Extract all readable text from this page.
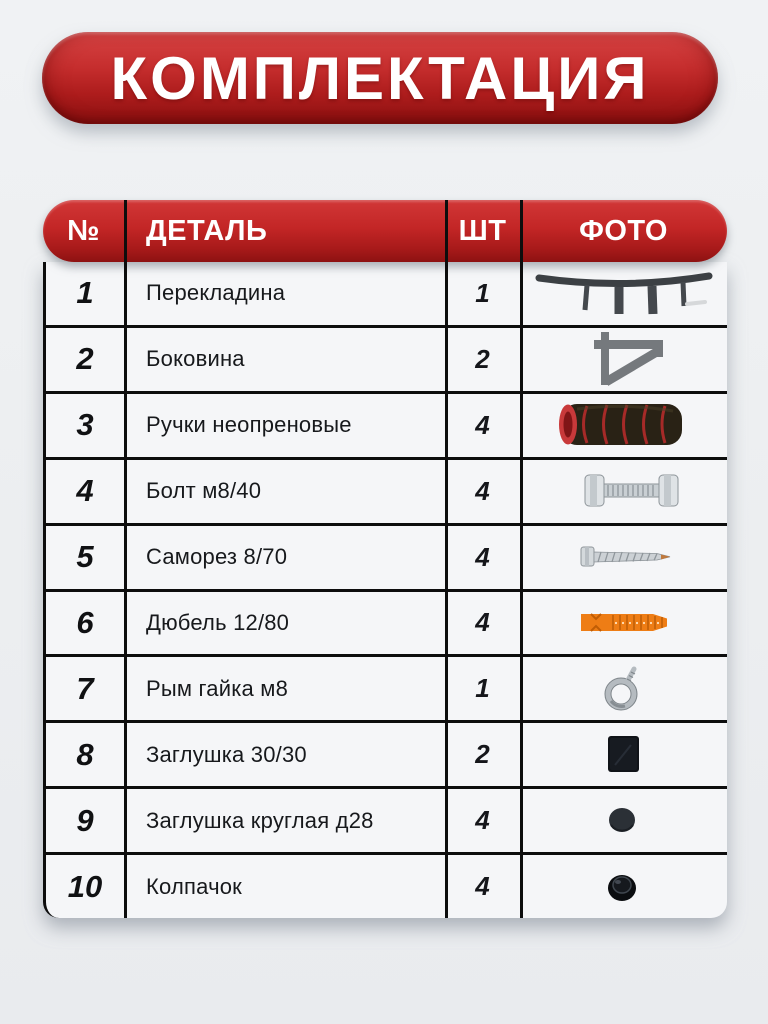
КОМПЛЕКТАЦИЯ
№	ДЕТАЛЬ	ШТ	ФОТО
1	Перекладина	1
2	Боковина	2
3	Ручки неопреновые	4
4	Болт м8/40	4
5	Саморез 8/70	4
6	Дюбель 12/80	4
7	Рым гайка м8	1
8	Заглушка 30/30	2
9	Заглушка круглая д28	4
10	Колпачок	4
